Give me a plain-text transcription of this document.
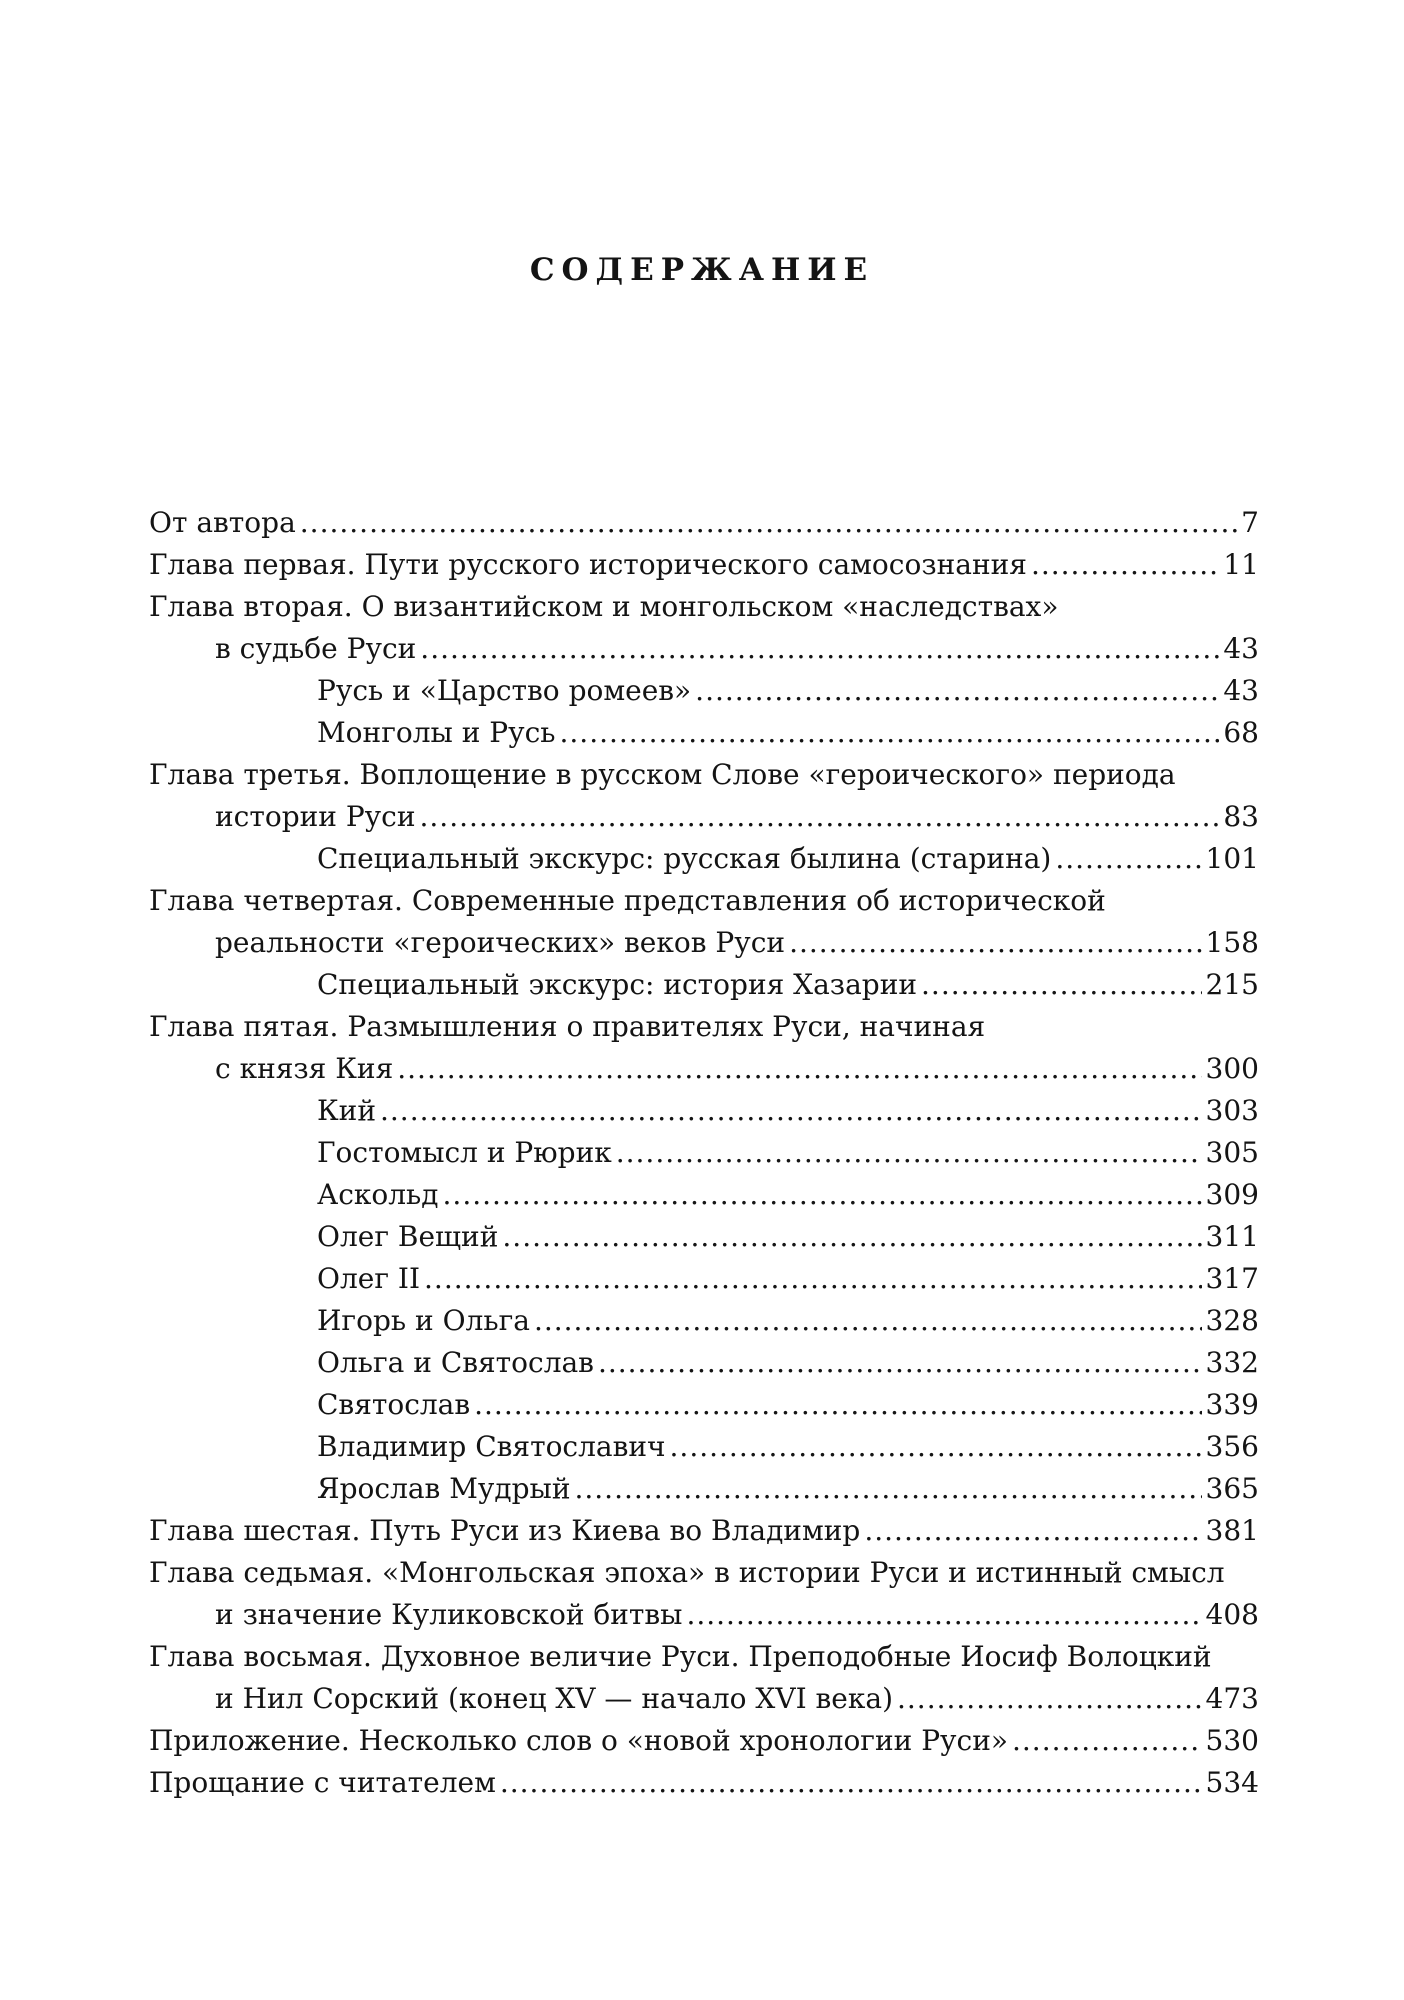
СОДЕРЖАНИЕ
От автора .....	7
Глава первая. Пути русского исторического самосознания .....	11
Глава вторая. О византийском и монгольском «наследствах»
в судьбе Руси .....	43
Русь и «Царство ромеев» .....	43
Монголы и Русь .....	68
Глава третья. Воплощение в русском Слове «героического» периода
истории Руси .....	83
Специальный экскурс: русская былина (старина) .....	101
Глава четвертая. Современные представления об исторической
реальности «героических» веков Руси .....	158
Специальный экскурс: история Хазарии .....	215
Глава пятая. Размышления о правителях Руси, начиная
с князя Кия .....	300
Кий .....	303
Гостомысл и Рюрик .....	305
Аскольд .....	309
Олег Вещий .....	311
Олег II .....	317
Игорь и Ольга .....	328
Ольга и Святослав .....	332
Святослав .....	339
Владимир Святославич .....	356
Ярослав Мудрый .....	365
Глава шестая. Путь Руси из Киева во Владимир .....	381
Глава седьмая. «Монгольская эпоха» в истории Руси и истинный смысл
и значение Куликовской битвы .....	408
Глава восьмая. Духовное величие Руси. Преподобные Иосиф Волоцкий
и Нил Сорский (конец XV — начало XVI века) .....	473
Приложение. Несколько слов о «новой хронологии Руси» .....	530
Прощание с читателем .....	534
